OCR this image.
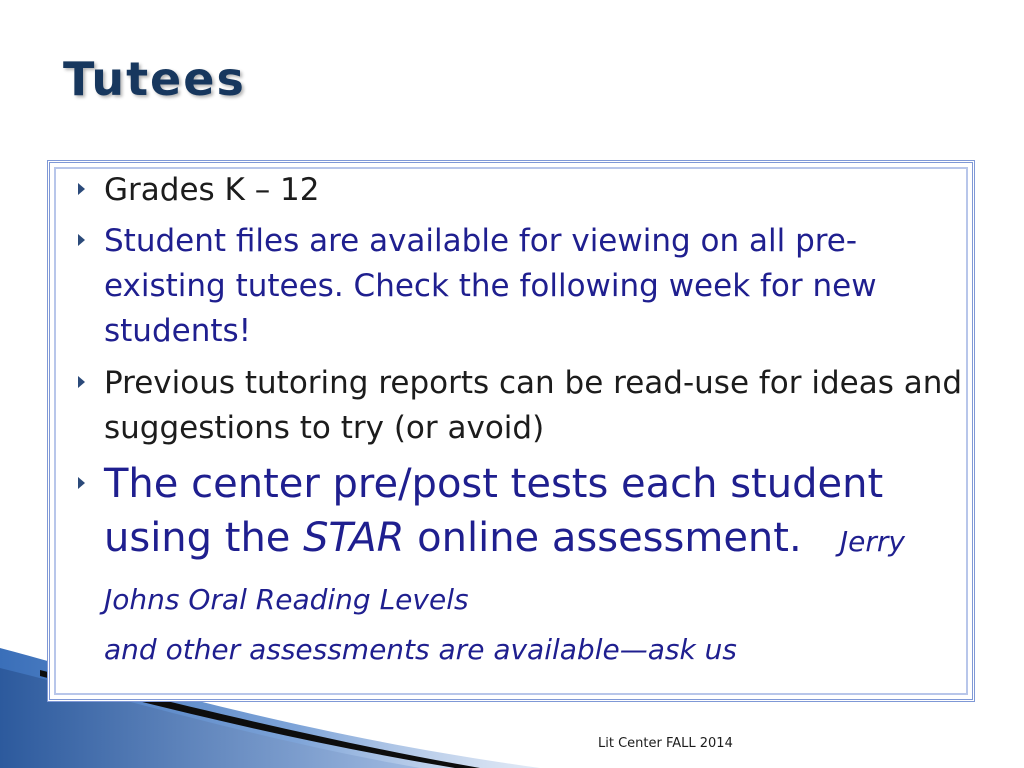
Tutees
Grades K – 12
Student files are available for viewing on all pre-existing tutees. Check the following week for new students!
Previous tutoring reports can be read-use for ideas and suggestions to try (or avoid)
The center pre/post tests each student using the STAR online assessment. Jerry Johns Oral Reading Levels
and other assessments are available—ask us
Lit Center FALL 2014
